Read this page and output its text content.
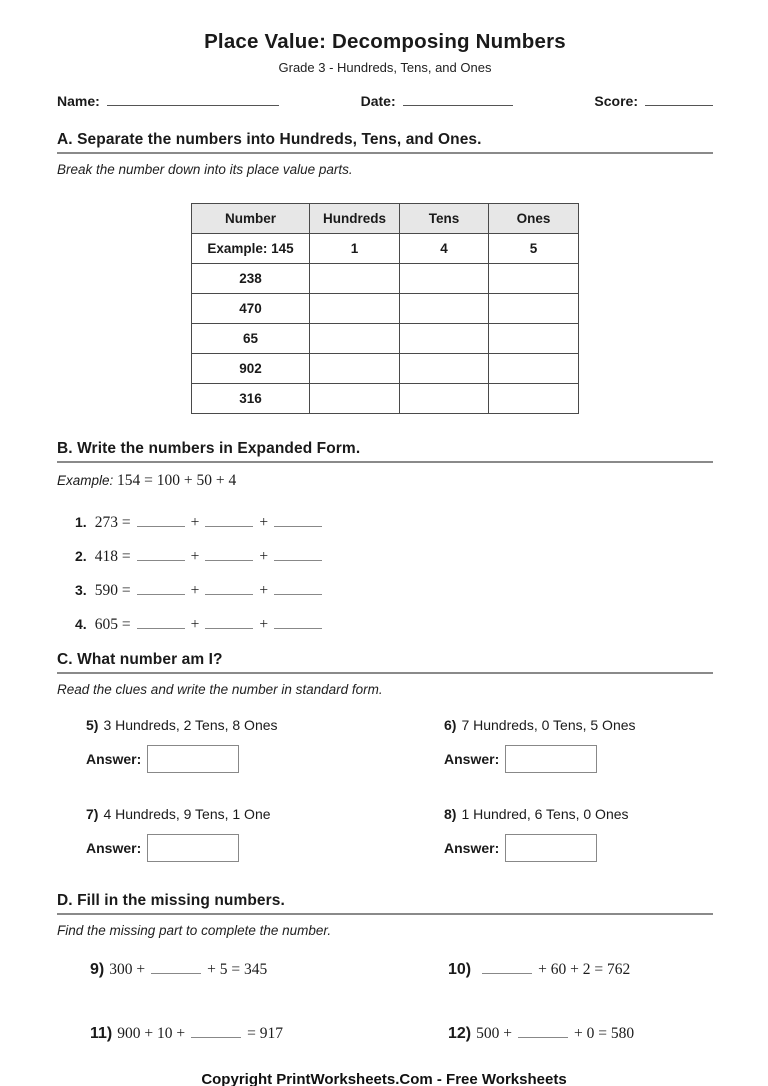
Place Value: Decomposing Numbers
Grade 3 - Hundreds, Tens, and Ones
Name:	Date:	Score:
A. Separate the numbers into Hundreds, Tens, and Ones.
Break the number down into its place value parts.
Number	Hundreds	Tens	Ones
Example: 145	1	4	5
238			
470			
65			
902			
316			
B. Write the numbers in Expanded Form.
Example: 154 = 100 + 50 + 4
1. 273 =	+	+
2. 418 =	+	+
3. 590 =	+	+
4. 605 =	+	+
C. What number am I?
Read the clues and write the number in standard form.
5) 3 Hundreds, 2 Tens, 8 Ones
Answer:
6) 7 Hundreds, 0 Tens, 5 Ones
Answer:
7) 4 Hundreds, 9 Tens, 1 One
Answer:
8) 1 Hundred, 6 Tens, 0 Ones
Answer:
D. Fill in the missing numbers.
Find the missing part to complete the number.
9) 300 +	+ 5 = 345	10)	+ 60 + 2 = 762
11) 900 + 10 +	= 917	12) 500 +	+ 0 = 580
Copyright PrintWorksheets.Com - Free Worksheets
